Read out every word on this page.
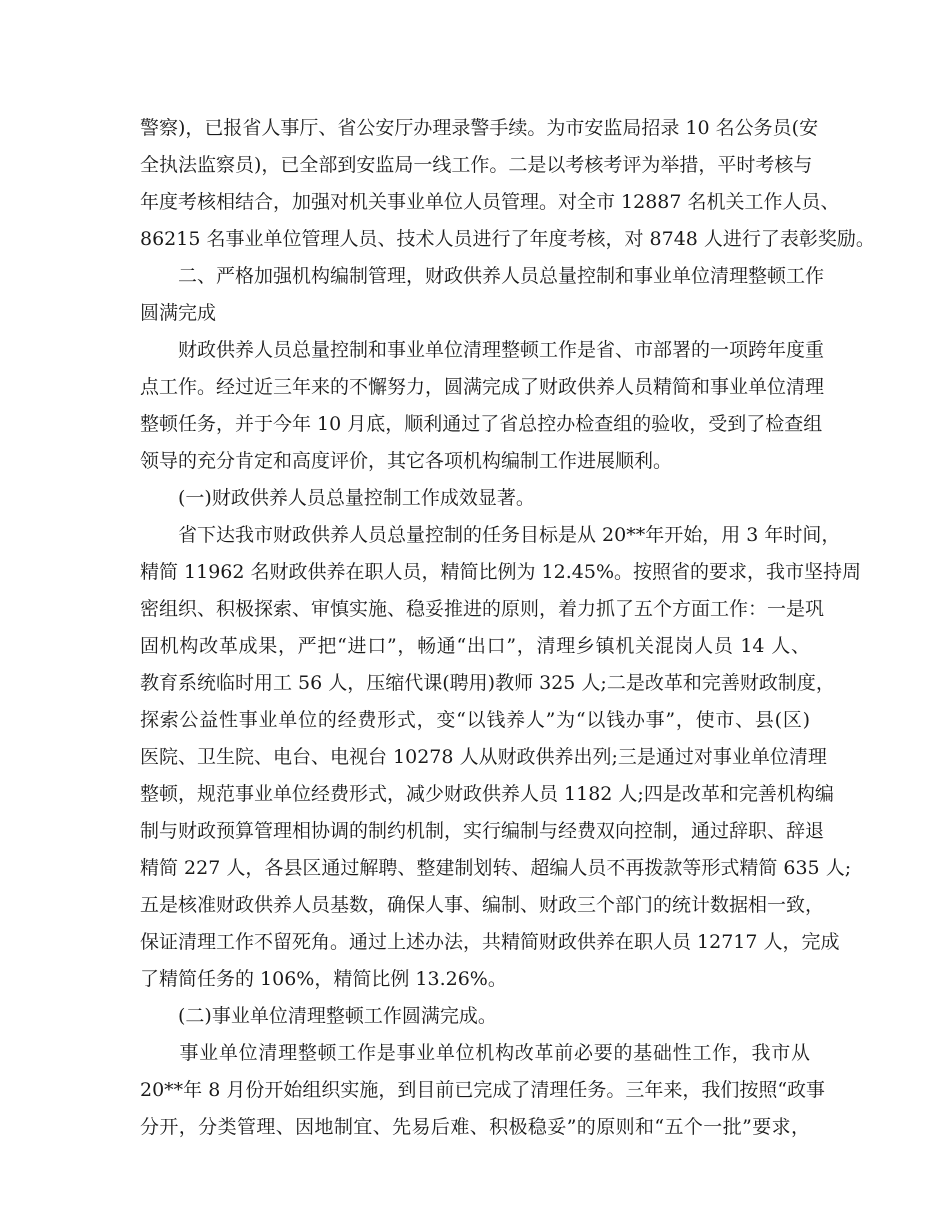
警察)，已报省人事厅、省公安厅办理录警手续。为市安监局招录 10 名公务员(安
全执法监察员)，已全部到安监局一线工作。二是以考核考评为举措，平时考核与
年度考核相结合，加强对机关事业单位人员管理。对全市 12887 名机关工作人员、
86215 名事业单位管理人员、技术人员进行了年度考核，对 8748 人进行了表彰奖励。
　　二、严格加强机构编制管理，财政供养人员总量控制和事业单位清理整顿工作
圆满完成
　　财政供养人员总量控制和事业单位清理整顿工作是省、市部署的一项跨年度重
点工作。经过近三年来的不懈努力，圆满完成了财政供养人员精简和事业单位清理
整顿任务，并于今年 10 月底，顺利通过了省总控办检查组的验收，受到了检查组
领导的充分肯定和高度评价，其它各项机构编制工作进展顺利。
　　(一)财政供养人员总量控制工作成效显著。
　　省下达我市财政供养人员总量控制的任务目标是从 20**年开始，用 3 年时间，
精简 11962 名财政供养在职人员，精简比例为 12.45%。按照省的要求，我市坚持周
密组织、积极探索、审慎实施、稳妥推进的原则，着力抓了五个方面工作：一是巩
固机构改革成果，严把“进口”，畅通“出口”，清理乡镇机关混岗人员 14 人、
教育系统临时用工 56 人，压缩代课(聘用)教师 325 人;二是改革和完善财政制度，
探索公益性事业单位的经费形式，变“以钱养人”为“以钱办事”，使市、县(区)
医院、卫生院、电台、电视台 10278 人从财政供养出列;三是通过对事业单位清理
整顿，规范事业单位经费形式，减少财政供养人员 1182 人;四是改革和完善机构编
制与财政预算管理相协调的制约机制，实行编制与经费双向控制，通过辞职、辞退
精简 227 人，各县区通过解聘、整建制划转、超编人员不再拨款等形式精简 635 人;
五是核准财政供养人员基数，确保人事、编制、财政三个部门的统计数据相一致，
保证清理工作不留死角。通过上述办法，共精简财政供养在职人员 12717 人，完成
了精简任务的 106%，精简比例 13.26%。
　　(二)事业单位清理整顿工作圆满完成。
　　事业单位清理整顿工作是事业单位机构改革前必要的基础性工作，我市从
20**年 8 月份开始组织实施，到目前已完成了清理任务。三年来，我们按照“政事
分开，分类管理、因地制宜、先易后难、积极稳妥”的原则和“五个一批”要求，
